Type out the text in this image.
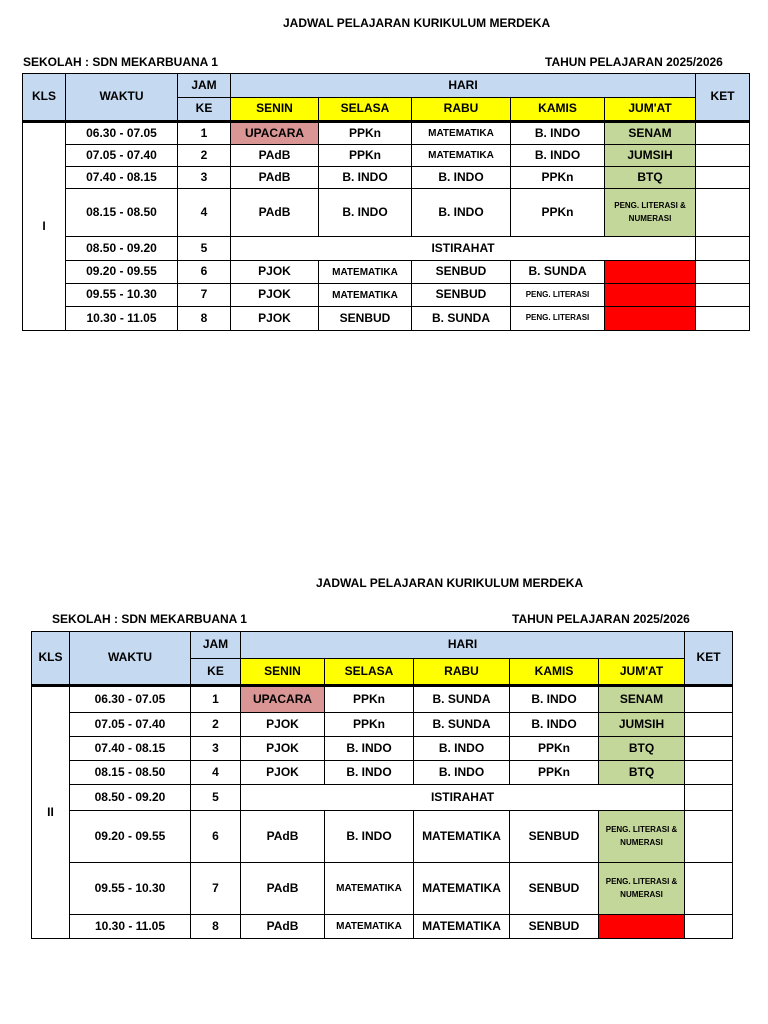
JADWAL PELAJARAN KURIKULUM MERDEKA
SEKOLAH : SDN MEKARBUANA 1	TAHUN PELAJARAN 2025/2026
KLS	WAKTU	JAM	HARI					KET
		KE	SENIN	SELASA	RABU	KAMIS	JUM'AT	
I	06.30 - 07.05	1	UPACARA	PPKn	MATEMATIKA	B. INDO	SENAM	
	07.05 - 07.40	2	PAdB	PPKn	MATEMATIKA	B. INDO	JUMSIH	
	07.40 - 08.15	3	PAdB	B. INDO	B. INDO	PPKn	BTQ	
	08.15 - 08.50	4	PAdB	B. INDO	B. INDO	PPKn	PENG. LITERASI & NUMERASI	
	08.50 - 09.20	5	ISTIRAHAT					
	09.20 - 09.55	6	PJOK	MATEMATIKA	SENBUD	B. SUNDA		
	09.55 - 10.30	7	PJOK	MATEMATIKA	SENBUD	PENG. LITERASI		
	10.30 - 11.05	8	PJOK	SENBUD	B. SUNDA	PENG. LITERASI		
JADWAL PELAJARAN KURIKULUM MERDEKA
SEKOLAH : SDN MEKARBUANA 1	TAHUN PELAJARAN 2025/2026
KLS	WAKTU	JAM	HARI					KET
		KE	SENIN	SELASA	RABU	KAMIS	JUM'AT	
II	06.30 - 07.05	1	UPACARA	PPKn	B. SUNDA	B. INDO	SENAM	
	07.05 - 07.40	2	PJOK	PPKn	B. SUNDA	B. INDO	JUMSIH	
	07.40 - 08.15	3	PJOK	B. INDO	B. INDO	PPKn	BTQ	
	08.15 - 08.50	4	PJOK	B. INDO	B. INDO	PPKn	BTQ	
	08.50 - 09.20	5	ISTIRAHAT					
	09.20 - 09.55	6	PAdB	B. INDO	MATEMATIKA	SENBUD	PENG. LITERASI & NUMERASI	
	09.55 - 10.30	7	PAdB	MATEMATIKA	MATEMATIKA	SENBUD	PENG. LITERASI & NUMERASI	
	10.30 - 11.05	8	PAdB	MATEMATIKA	MATEMATIKA	SENBUD		
